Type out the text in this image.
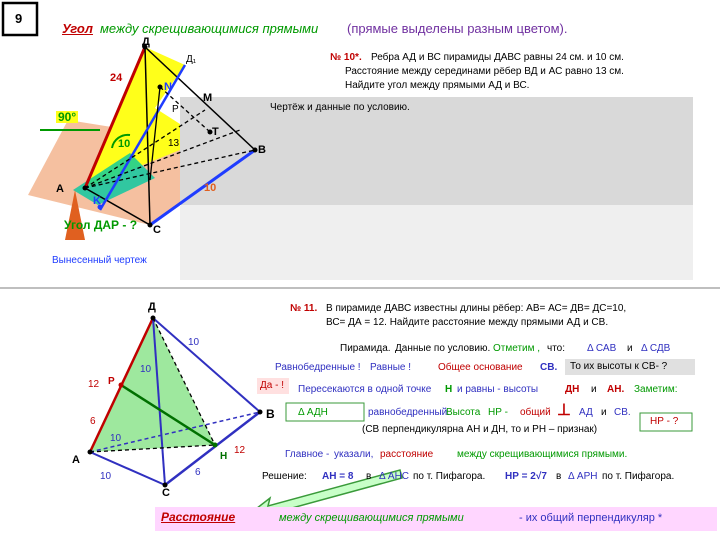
9
Угол между скрещивающимися прямыми (прямые выделены разным цветом).
Д
Д₁
24
N
M
P
90°
T
10	13
В
10
А
K
Угол ДАР - ? С
Вынесенный чертеж
№ 10*. Ребра АД и ВС пирамиды ДАВС равны 24 см. и 10 см.
Расстояние между серединами рёбер ВД и АС равно 13 см.
Найдите угол между прямыми АД и ВС.
Чертёж и данные по условию.
Д
10
10
12 Р
В
6
10
12
Н
А
10	6
С
№ 11. В пирамиде ДАВС известны длины рёбер: АВ= АС= ДВ= ДС=10,
ВС= ДА = 12. Найдите расстояние между прямыми АД и СВ.
Пирамида. Данные по условию. Отметим , что: Δ САВ и Δ СДВ
Равнобедренные ! Равные !	Общее основание СВ. То их высоты к СВ- ?
Да - ! Пересекаются в одной точке Н и равны - высоты	ДН и АН. Заметим:
Δ АДН	равнобедренный.
Высота НР - общий ⊥ АД и СВ.
НР - ?
(СВ перпендикулярна АН и ДН, то и РН – признак)
Главное - указали, расстояние между скрещивающимися прямыми.
Решение: АН = 8 в Δ АНС по т. Пифагора. НР = 2√7 в Δ АРН по т. Пифагора.
Расстояние	между скрещивающимися прямыми	- их общий перпендикуляр *
